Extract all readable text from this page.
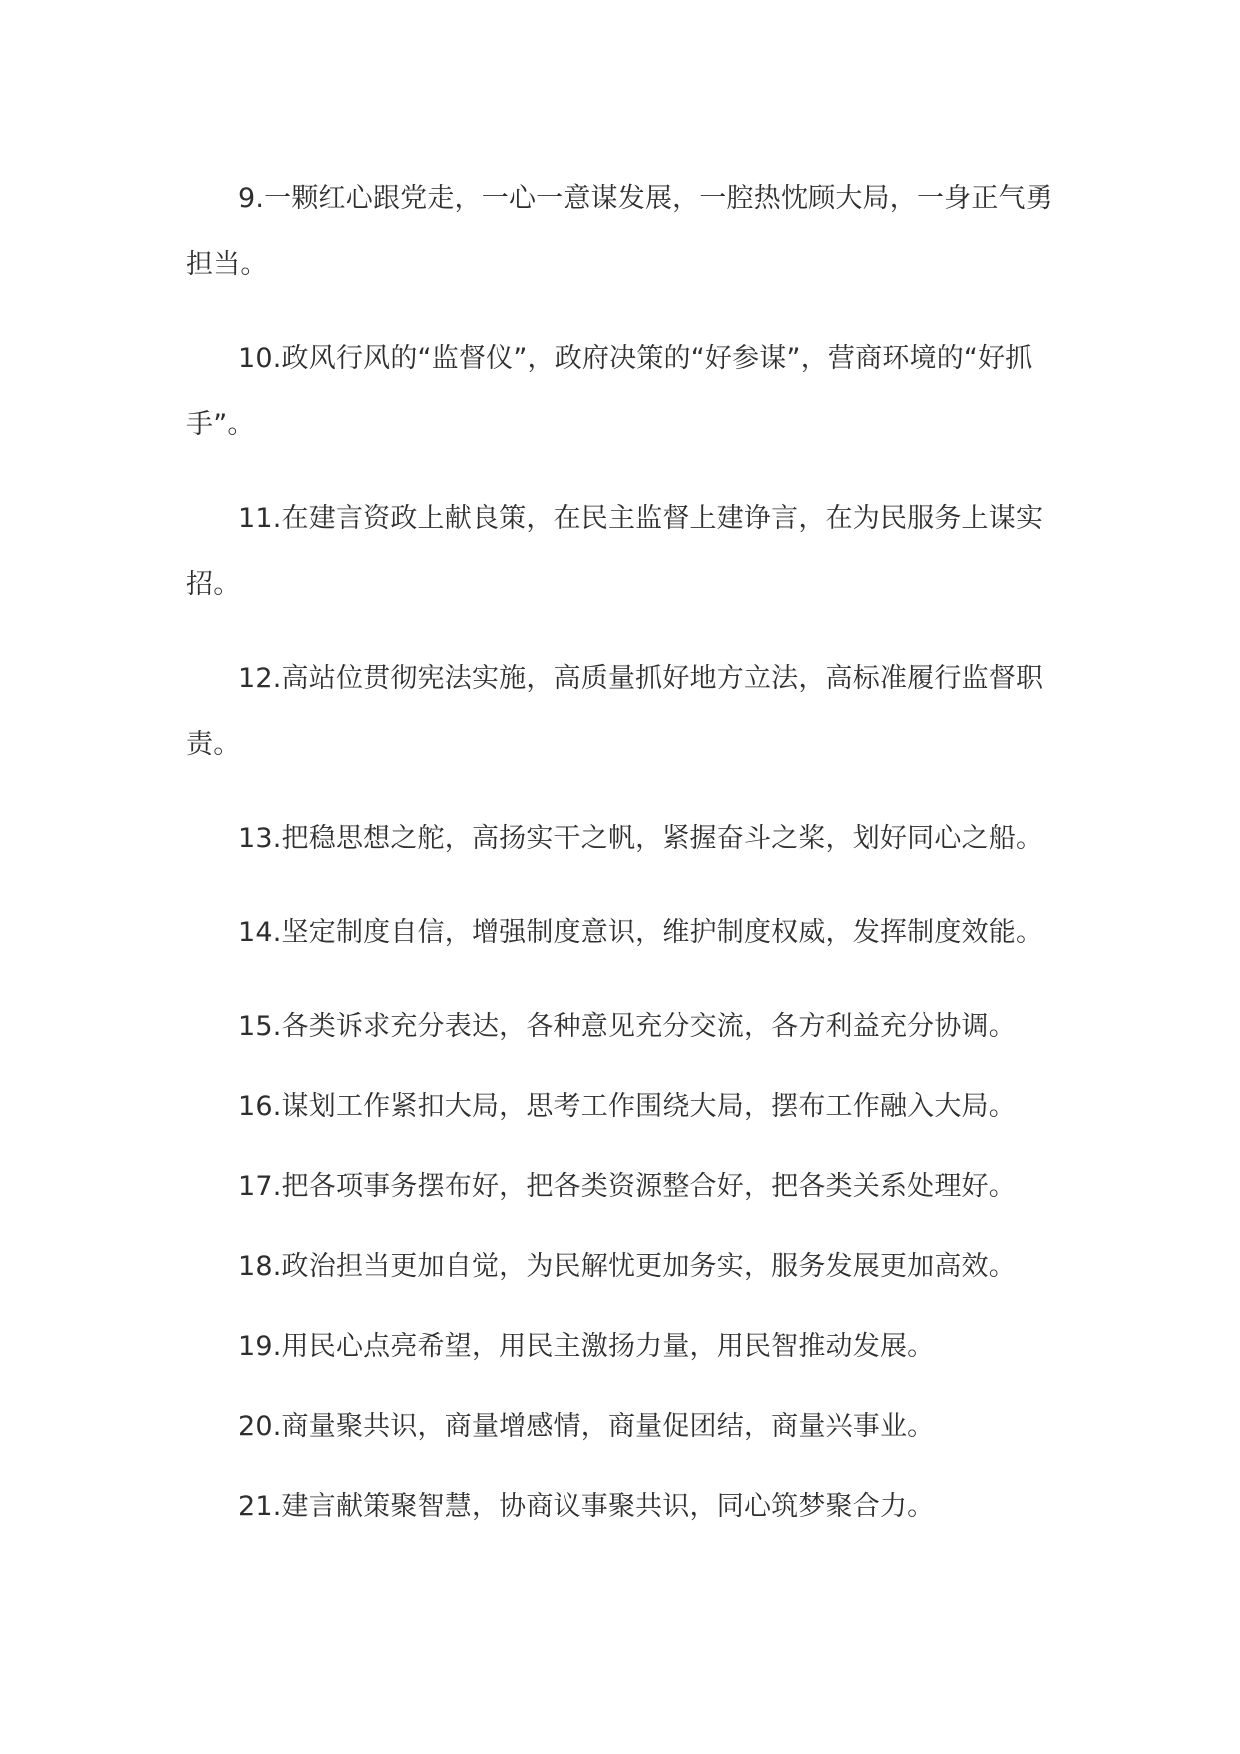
9.一颗红心跟党走，一心一意谋发展，一腔热忱顾大局，一身正气勇担当。

10.政风行风的“监督仪”，政府决策的“好参谋”，营商环境的“好抓手”。

11.在建言资政上献良策，在民主监督上建诤言，在为民服务上谋实招。

12.高站位贯彻宪法实施，高质量抓好地方立法，高标准履行监督职责。

13.把稳思想之舵，高扬实干之帆，紧握奋斗之桨，划好同心之船。

14.坚定制度自信，增强制度意识，维护制度权威，发挥制度效能。

15.各类诉求充分表达，各种意见充分交流，各方利益充分协调。

16.谋划工作紧扣大局，思考工作围绕大局，摆布工作融入大局。

17.把各项事务摆布好，把各类资源整合好，把各类关系处理好。

18.政治担当更加自觉，为民解忧更加务实，服务发展更加高效。

19.用民心点亮希望，用民主激扬力量，用民智推动发展。

20.商量聚共识，商量增感情，商量促团结，商量兴事业。

21.建言献策聚智慧，协商议事聚共识，同心筑梦聚合力。
